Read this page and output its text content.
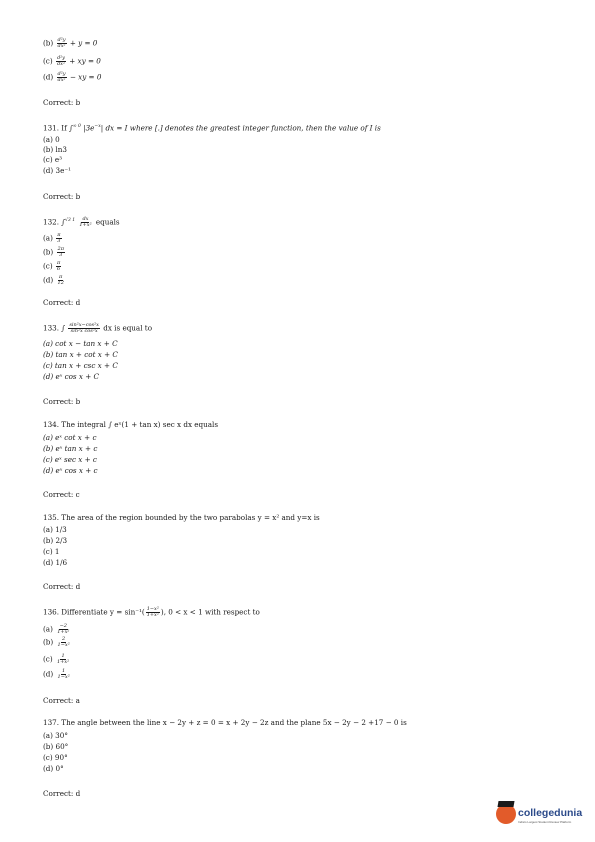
$(b) \frac{\text{d²y}}{\text{dx²}} + y = 0$
$(c) \frac{\text{d²y}}{\text{dx²}}$ + xy = 0
$(d) \frac{\text{d²y}}{\text{dx²}}$ − xy = 0
Correct: b
131. If ∫$^{\infty 0}$ $|3e^{-x}|$ dx = I where [.] denotes the greatest integer function, then the value of I is
(a) 0
(b) ln3
(c) e³
(d) 3e⁻¹
Correct: b
132. $\int^{√3 1} \frac{dx}{\text{1+x²}}$ equals
$(a) \frac{\pi}{3}$
$(b) \frac{2\pi}{3}$
$(c) \frac{\pi}{6}$
$(d) \frac{\pi}{12}$
Correct: d
133. ∫ $\frac{\text{sin²x−cos²x}}{\text{sin²x cos²x}}$ dx is equal to
(a) cot x − tan x + C
(b) tan x + cot x + C
(c) tan x + csc x + C
(d) eˣ cos x + C
Correct: b
134. The integral ∫ eˣ(1 + tan x) sec x dx equals
(a) eˣ cot x + c
(b) eˣ tan x + c
(c) eˣ sec x + c
(d) eˣ cos x + c
Correct: c
135. The area of the region bounded by the two parabolas y = x² and y=x is
(a) 1/3
(b) 2/3
(c) 1
(d) 1/6
Correct: d
136. Differentiate $y = \sin^{-1}( \frac{\text{1−x²}}{\text{1+x²}}$ ), 0 < x < 1 with respect to
$(a) \frac{-2}{\text{1+x²}}$
$(b) \frac{2}{\text{1−x²}}$
$(c) \frac{1}{\text{1+x²}}$
$(d) \frac{1}{\text{1−x²}}$
Correct: a
137. The angle between the line x − 2y + z = 0 = x + 2y − 2z and the plane 5x − 2y − 2 +17 − 0 is
(a) 30°
(b) 60°
(c) 90°
(d) 0°
Correct: d
collegedunia
India's Largest Student Review Platform
